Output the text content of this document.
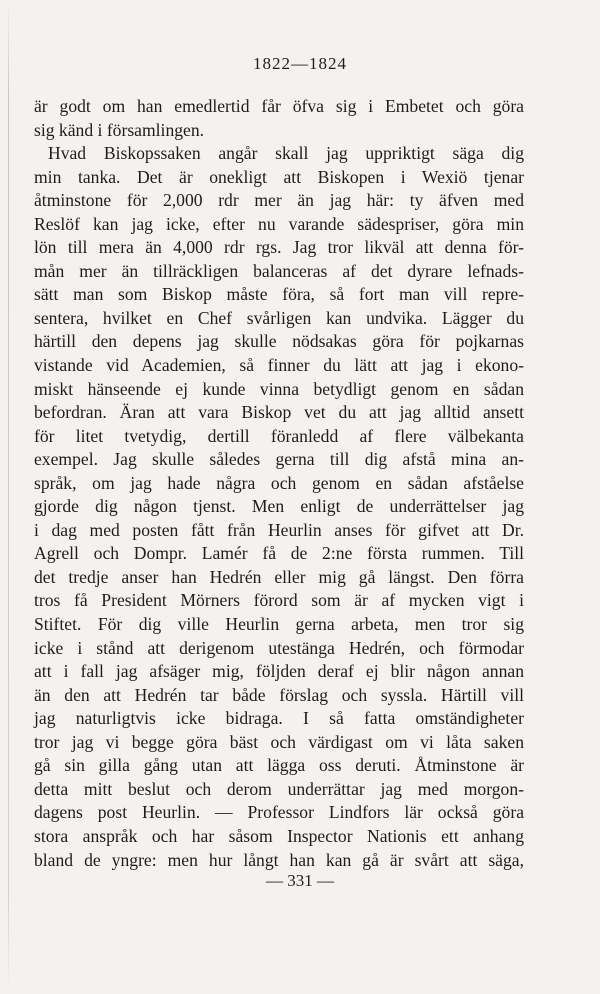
1822—1824
är godt om han emedlertid får öfva sig i Embetet och göra
sig känd i församlingen.
Hvad Biskopssaken angår skall jag uppriktigt säga dig
min tanka. Det är onekligt att Biskopen i Wexiö tjenar
åtminstone för 2,000 rdr mer än jag här: ty äfven med
Reslöf kan jag icke, efter nu varande sädespriser, göra min
lön till mera än 4,000 rdr rgs. Jag tror likväl att denna för-
mån mer än tillräckligen balanceras af det dyrare lefnads-
sätt man som Biskop måste föra, så fort man vill repre-
sentera, hvilket en Chef svårligen kan undvika. Lägger du
härtill den depens jag skulle nödsakas göra för pojkarnas
vistande vid Academien, så finner du lätt att jag i ekono-
miskt hänseende ej kunde vinna betydligt genom en sådan
befordran. Äran att vara Biskop vet du att jag alltid ansett
för litet tvetydig, dertill föranledd af flere välbekanta
exempel. Jag skulle således gerna till dig afstå mina an-
språk, om jag hade några och genom en sådan afståelse
gjorde dig någon tjenst. Men enligt de underrättelser jag
i dag med posten fått från Heurlin anses för gifvet att Dr.
Agrell och Dompr. Lamér få de 2:ne första rummen. Till
det tredje anser han Hedrén eller mig gå längst. Den förra
tros få President Mörners förord som är af mycken vigt i
Stiftet. För dig ville Heurlin gerna arbeta, men tror sig
icke i stånd att derigenom utestänga Hedrén, och förmodar
att i fall jag afsäger mig, följden deraf ej blir någon annan
än den att Hedrén tar både förslag och syssla. Härtill vill
jag naturligtvis icke bidraga. I så fatta omständigheter
tror jag vi begge göra bäst och värdigast om vi låta saken
gå sin gilla gång utan att lägga oss deruti. Åtminstone är
detta mitt beslut och derom underrättar jag med morgon-
dagens post Heurlin. — Professor Lindfors lär också göra
stora anspråk och har såsom Inspector Nationis ett anhang
bland de yngre: men hur långt han kan gå är svårt att säga,
— 331 —
